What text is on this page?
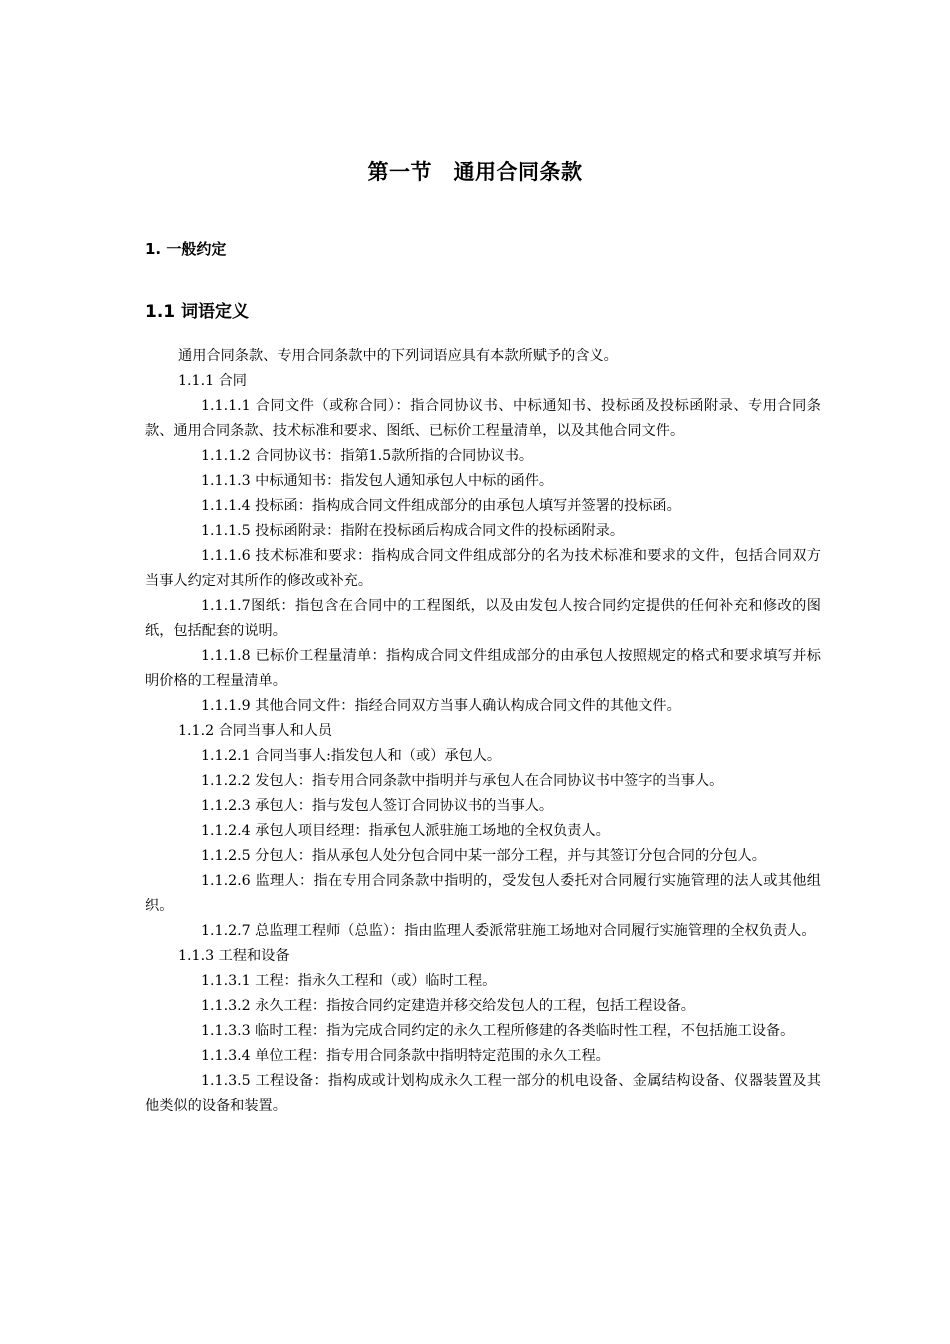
第一节　通用合同条款
1. 一般约定
1.1 词语定义

通用合同条款、专用合同条款中的下列词语应具有本款所赋予的含义。

1.1.1 合同

1.1.1.1 合同文件（或称合同）：指合同协议书、中标通知书、投标函及投标函附录、专用合同条款、通用合同条款、技术标准和要求、图纸、已标价工程量清单，以及其他合同文件。

1.1.1.2 合同协议书：指第1.5款所指的合同协议书。

1.1.1.3 中标通知书：指发包人通知承包人中标的函件。

1.1.1.4 投标函：指构成合同文件组成部分的由承包人填写并签署的投标函。

1.1.1.5 投标函附录：指附在投标函后构成合同文件的投标函附录。

1.1.1.6 技术标准和要求：指构成合同文件组成部分的名为技术标准和要求的文件，包括合同双方当事人约定对其所作的修改或补充。

1.1.1.7图纸：指包含在合同中的工程图纸，以及由发包人按合同约定提供的任何补充和修改的图纸，包括配套的说明。

1.1.1.8 已标价工程量清单：指构成合同文件组成部分的由承包人按照规定的格式和要求填写并标明价格的工程量清单。

1.1.1.9 其他合同文件：指经合同双方当事人确认构成合同文件的其他文件。

1.1.2 合同当事人和人员

1.1.2.1 合同当事人:指发包人和（或）承包人。

1.1.2.2 发包人：指专用合同条款中指明并与承包人在合同协议书中签字的当事人。

1.1.2.3 承包人：指与发包人签订合同协议书的当事人。

1.1.2.4 承包人项目经理：指承包人派驻施工场地的全权负责人。

1.1.2.5 分包人：指从承包人处分包合同中某一部分工程，并与其签订分包合同的分包人。

1.1.2.6 监理人：指在专用合同条款中指明的，受发包人委托对合同履行实施管理的法人或其他组织。

1.1.2.7 总监理工程师（总监）：指由监理人委派常驻施工场地对合同履行实施管理的全权负责人。

1.1.3 工程和设备

1.1.3.1 工程：指永久工程和（或）临时工程。

1.1.3.2 永久工程：指按合同约定建造并移交给发包人的工程，包括工程设备。

1.1.3.3 临时工程：指为完成合同约定的永久工程所修建的各类临时性工程，不包括施工设备。

1.1.3.4 单位工程：指专用合同条款中指明特定范围的永久工程。

1.1.3.5 工程设备：指构成或计划构成永久工程一部分的机电设备、金属结构设备、仪器装置及其他类似的设备和装置。
